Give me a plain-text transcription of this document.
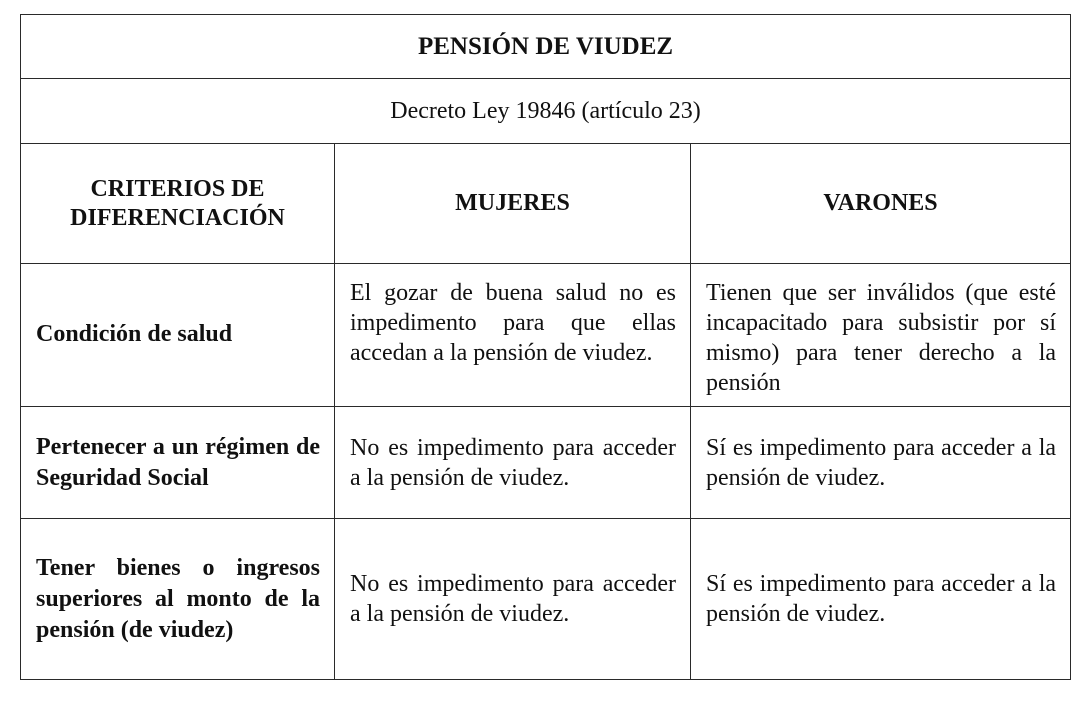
PENSIÓN DE VIUDEZ		
Decreto Ley 19846 (artículo 23)		
CRITERIOS DE DIFERENCIACIÓN	MUJERES	VARONES
Condición de salud	El gozar de buena salud no es impedimento para que ellas accedan a la pensión de viudez.	Tienen que ser inválidos (que esté incapacitado para subsistir por sí mismo) para tener derecho a la pensión
Pertenecer a un régimen de Seguridad Social	No es impedimento para acceder a la pensión de viudez.	Sí es impedimento para acceder a la pensión de viudez.
Tener bienes o ingresos superiores al monto de la pensión (de viudez)	No es impedimento para acceder a la pensión de viudez.	Sí es impedimento para acceder a la pensión de viudez.
